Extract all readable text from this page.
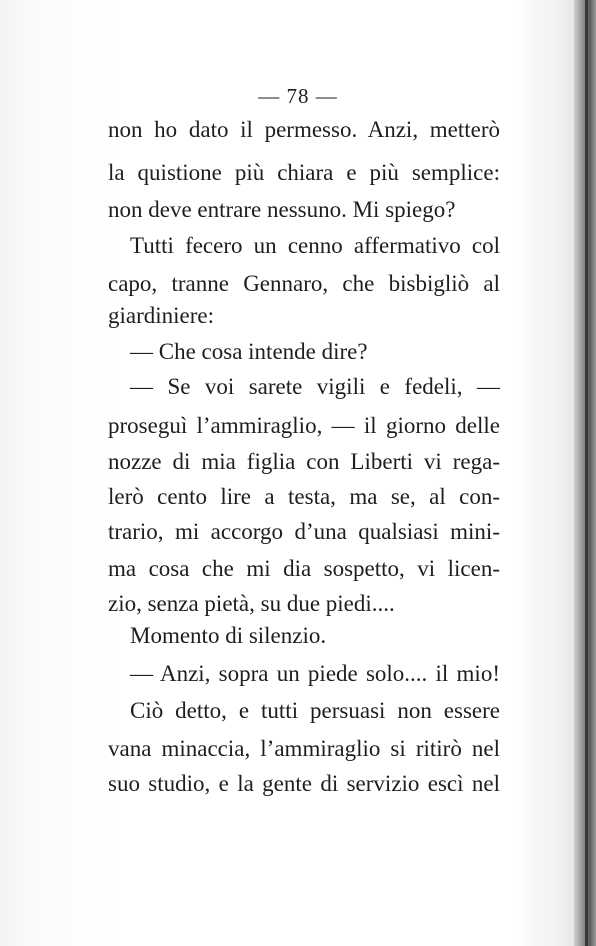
— 78 —
non ho dato il permesso. Anzi, metterò
la quistione più chiara e più semplice:
non deve entrare nessuno. Mi spiego?
Tutti fecero un cenno affermativo col
capo, tranne Gennaro, che bisbigliò al
giardiniere:
— Che cosa intende dire?
— Se voi sarete vigili e fedeli, —
proseguì l’ammiraglio, — il giorno delle
nozze di mia figlia con Liberti vi rega-
lerò cento lire a testa, ma se, al con-
trario, mi accorgo d’una qualsiasi mini-
ma cosa che mi dia sospetto, vi licen-
zio, senza pietà, su due piedi....
Momento di silenzio.
— Anzi, sopra un piede solo.... il mio!
Ciò detto, e tutti persuasi non essere
vana minaccia, l’ammiraglio si ritirò nel
suo studio, e la gente di servizio escì nel
